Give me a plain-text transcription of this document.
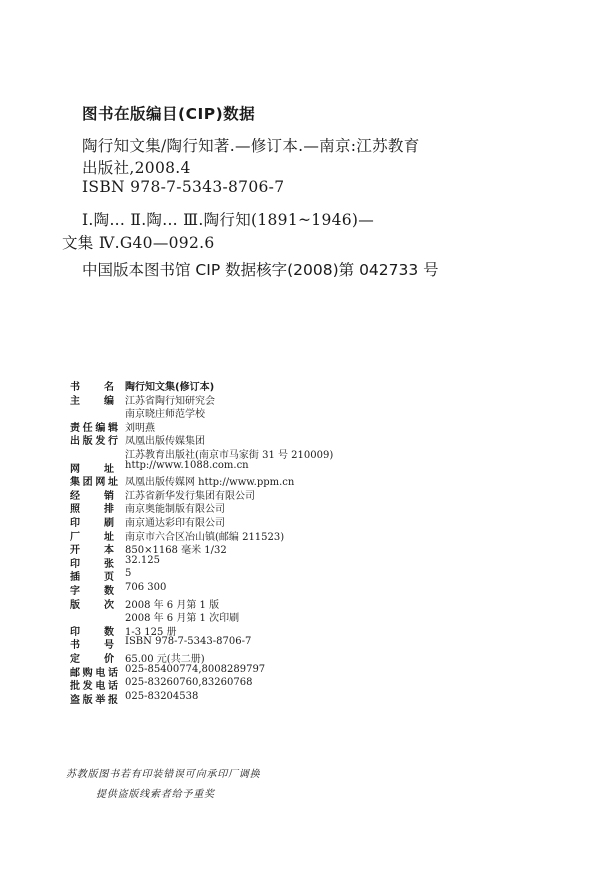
图书在版编目(CIP)数据
陶行知文集/陶行知著.—修订本.—南京:江苏教育
出版社,2008.4
ISBN 978-7-5343-8706-7
Ⅰ.陶... Ⅱ.陶... Ⅲ.陶行知(1891~1946)—
文集 Ⅳ.G40—092.6
中国版本图书馆 CIP 数据核字(2008)第 042733 号
书 名 陶行知文集(修订本)
主 编 江苏省陶行知研究会
南京晓庄师范学校
责 任 编 辑 刘明燕
出 版 发 行 凤凰出版传媒集团
江苏教育出版社(南京市马家街 31 号 210009)
网 址 http://www.1088.com.cn
集 团 网 址 凤凰出版传媒网 http://www.ppm.cn
经 销 江苏省新华发行集团有限公司
照 排 南京奥能制版有限公司
印 刷 南京通达彩印有限公司
厂 址 南京市六合区冶山镇(邮编 211523)
开 本 850×1168 毫米 1/32
印 张 32.125
插 页 5
字 数 706 300
版 次 2008 年 6 月第 1 版
2008 年 6 月第 1 次印刷
印 数 1-3 125 册
书 号 ISBN 978-7-5343-8706-7
定 价 65.00 元(共二册)
邮 购 电 话 025-85400774,8008289797
批 发 电 话 025-83260760,83260768
盗 版 举 报 025-83204538
苏教版图书若有印装错误可向承印厂调换
提供盗版线索者给予重奖
